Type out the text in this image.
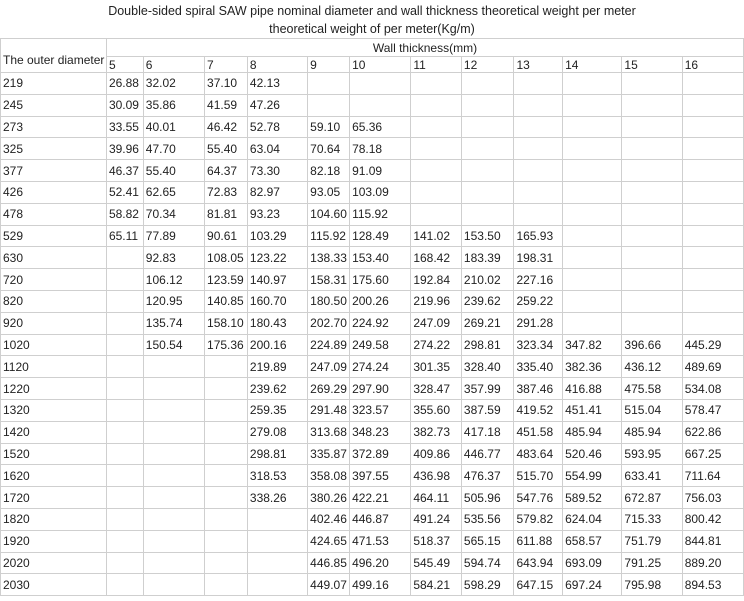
Double-sided spiral SAW pipe nominal diameter and wall thickness theoretical weight per meter
theoretical weight of per meter(Kg/m)
The outer diameter	Wall thickness(mm)											
	5	6	7	8	9	10	11	12	13	14	15	16
219	26.88	32.02	37.10	42.13								
245	30.09	35.86	41.59	47.26								
273	33.55	40.01	46.42	52.78	59.10	65.36						
325	39.96	47.70	55.40	63.04	70.64	78.18						
377	46.37	55.40	64.37	73.30	82.18	91.09						
426	52.41	62.65	72.83	82.97	93.05	103.09						
478	58.82	70.34	81.81	93.23	104.60	115.92						
529	65.11	77.89	90.61	103.29	115.92	128.49	141.02	153.50	165.93			
630		92.83	108.05	123.22	138.33	153.40	168.42	183.39	198.31			
720		106.12	123.59	140.97	158.31	175.60	192.84	210.02	227.16			
820		120.95	140.85	160.70	180.50	200.26	219.96	239.62	259.22			
920		135.74	158.10	180.43	202.70	224.92	247.09	269.21	291.28			
1020		150.54	175.36	200.16	224.89	249.58	274.22	298.81	323.34	347.82	396.66	445.29
1120				219.89	247.09	274.24	301.35	328.40	335.40	382.36	436.12	489.69
1220				239.62	269.29	297.90	328.47	357.99	387.46	416.88	475.58	534.08
1320				259.35	291.48	323.57	355.60	387.59	419.52	451.41	515.04	578.47
1420				279.08	313.68	348.23	382.73	417.18	451.58	485.94	485.94	622.86
1520				298.81	335.87	372.89	409.86	446.77	483.64	520.46	593.95	667.25
1620				318.53	358.08	397.55	436.98	476.37	515.70	554.99	633.41	711.64
1720				338.26	380.26	422.21	464.11	505.96	547.76	589.52	672.87	756.03
1820					402.46	446.87	491.24	535.56	579.82	624.04	715.33	800.42
1920					424.65	471.53	518.37	565.15	611.88	658.57	751.79	844.81
2020					446.85	496.20	545.49	594.74	643.94	693.09	791.25	889.20
2030					449.07	499.16	584.21	598.29	647.15	697.24	795.98	894.53
